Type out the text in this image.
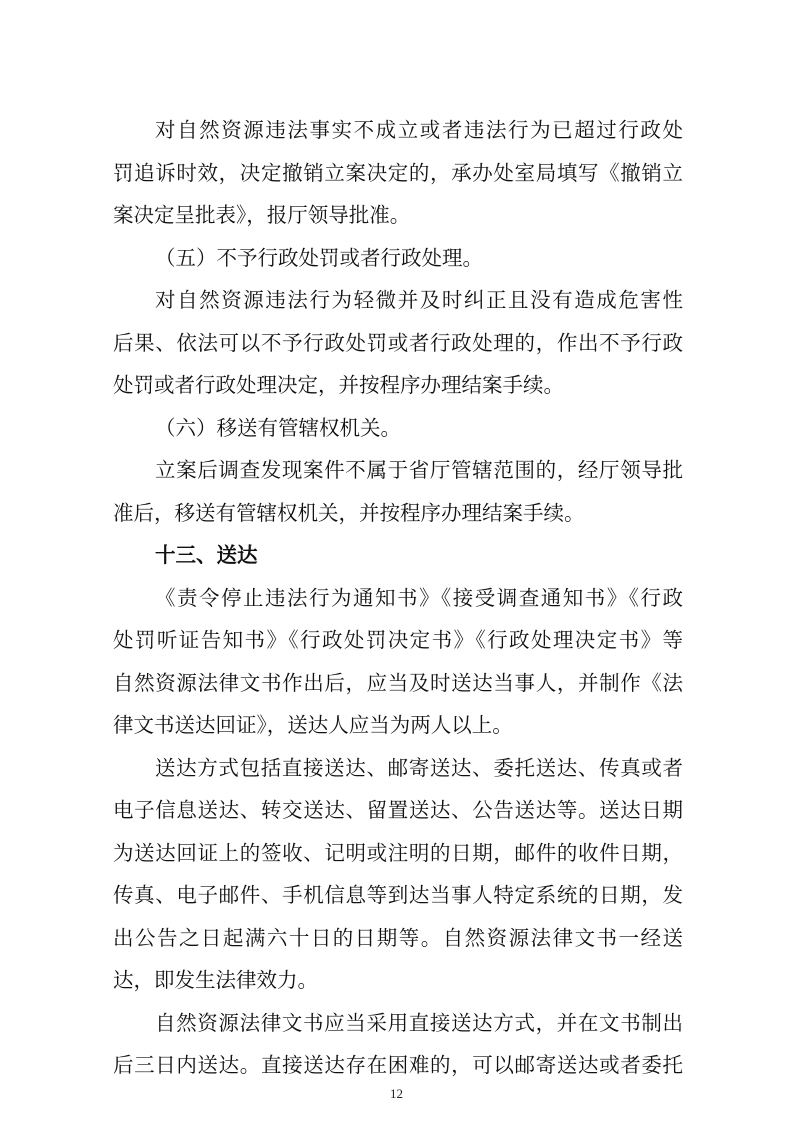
对自然资源违法事实不成立或者违法行为已超过行政处
罚追诉时效，决定撤销立案决定的，承办处室局填写《撤销立
案决定呈批表》，报厅领导批准。
（五）不予行政处罚或者行政处理。
对自然资源违法行为轻微并及时纠正且没有造成危害性
后果、依法可以不予行政处罚或者行政处理的，作出不予行政
处罚或者行政处理决定，并按程序办理结案手续。
（六）移送有管辖权机关。
立案后调查发现案件不属于省厅管辖范围的，经厅领导批
准后，移送有管辖权机关，并按程序办理结案手续。
十三、送达
《责令停止违法行为通知书》《接受调查通知书》《行政
处罚听证告知书》《行政处罚决定书》《行政处理决定书》等
自然资源法律文书作出后，应当及时送达当事人，并制作《法
律文书送达回证》，送达人应当为两人以上。
送达方式包括直接送达、邮寄送达、委托送达、传真或者
电子信息送达、转交送达、留置送达、公告送达等。送达日期
为送达回证上的签收、记明或注明的日期，邮件的收件日期，
传真、电子邮件、手机信息等到达当事人特定系统的日期，发
出公告之日起满六十日的日期等。自然资源法律文书一经送
达，即发生法律效力。
自然资源法律文书应当采用直接送达方式，并在文书制出
后三日内送达。直接送达存在困难的，可以邮寄送达或者委托
12
